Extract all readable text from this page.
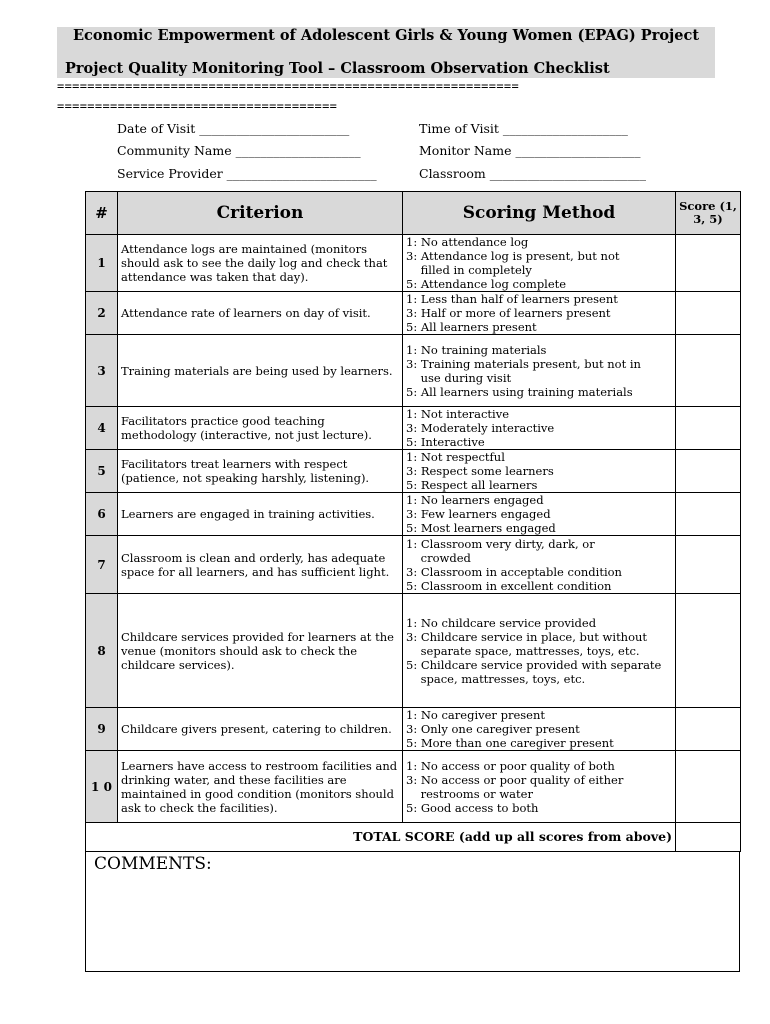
Economic Empowerment of Adolescent Girls & Young Women (EPAG) Project
Project Quality Monitoring Tool – Classroom Observation Checklist
=============================================================
=====================================
Date of Visit ________________________	Time of Visit ____________________
Community Name ____________________	Monitor Name ____________________
Service Provider ________________________	Classroom _________________________
#	Criterion	Scoring Method	Score (1, 3, 5)
1	Attendance logs are maintained (monitors should ask to see the daily log and check that attendance was taken that day).	1: No attendance log
3: Attendance log is present, but not
filled in completely
5: Attendance log complete	

2	Attendance rate of learners on day of visit.	1: Less than half of learners present
3: Half or more of learners present
5: All learners present	

3	Training materials are being used by learners.	1: No training materials
3: Training materials present, but not in
use during visit
5: All learners using training materials	

4	Facilitators practice good teaching methodology (interactive, not just lecture).	1: Not interactive
3: Moderately interactive
5: Interactive	

5	Facilitators treat learners with respect (patience, not speaking harshly, listening).	1: Not respectful
3: Respect some learners
5: Respect all learners	

6	Learners are engaged in training activities.	1: No learners engaged
3: Few learners engaged
5: Most learners engaged	

7	Classroom is clean and orderly, has adequate space for all learners, and has sufficient light.	1: Classroom very dirty, dark, or
crowded
3: Classroom in acceptable condition
5: Classroom in excellent condition	

8	Childcare services provided for learners at the venue (monitors should ask to check the childcare services).	1: No childcare service provided
3: Childcare service in place, but without
separate space, mattresses, toys, etc.
5: Childcare service provided with separate
space, mattresses, toys, etc.	

9	Childcare givers present, catering to children.	1: No caregiver present
3: Only one caregiver present
5: More than one caregiver present	

1 0	Learners have access to restroom facilities and drinking water, and these facilities are maintained in good condition (monitors should ask to check the facilities).	1: No access or poor quality of both
3: No access or poor quality of either
restrooms or water
5: Good access to both	

TOTAL SCORE (add up all scores from above)			
COMMENTS:
